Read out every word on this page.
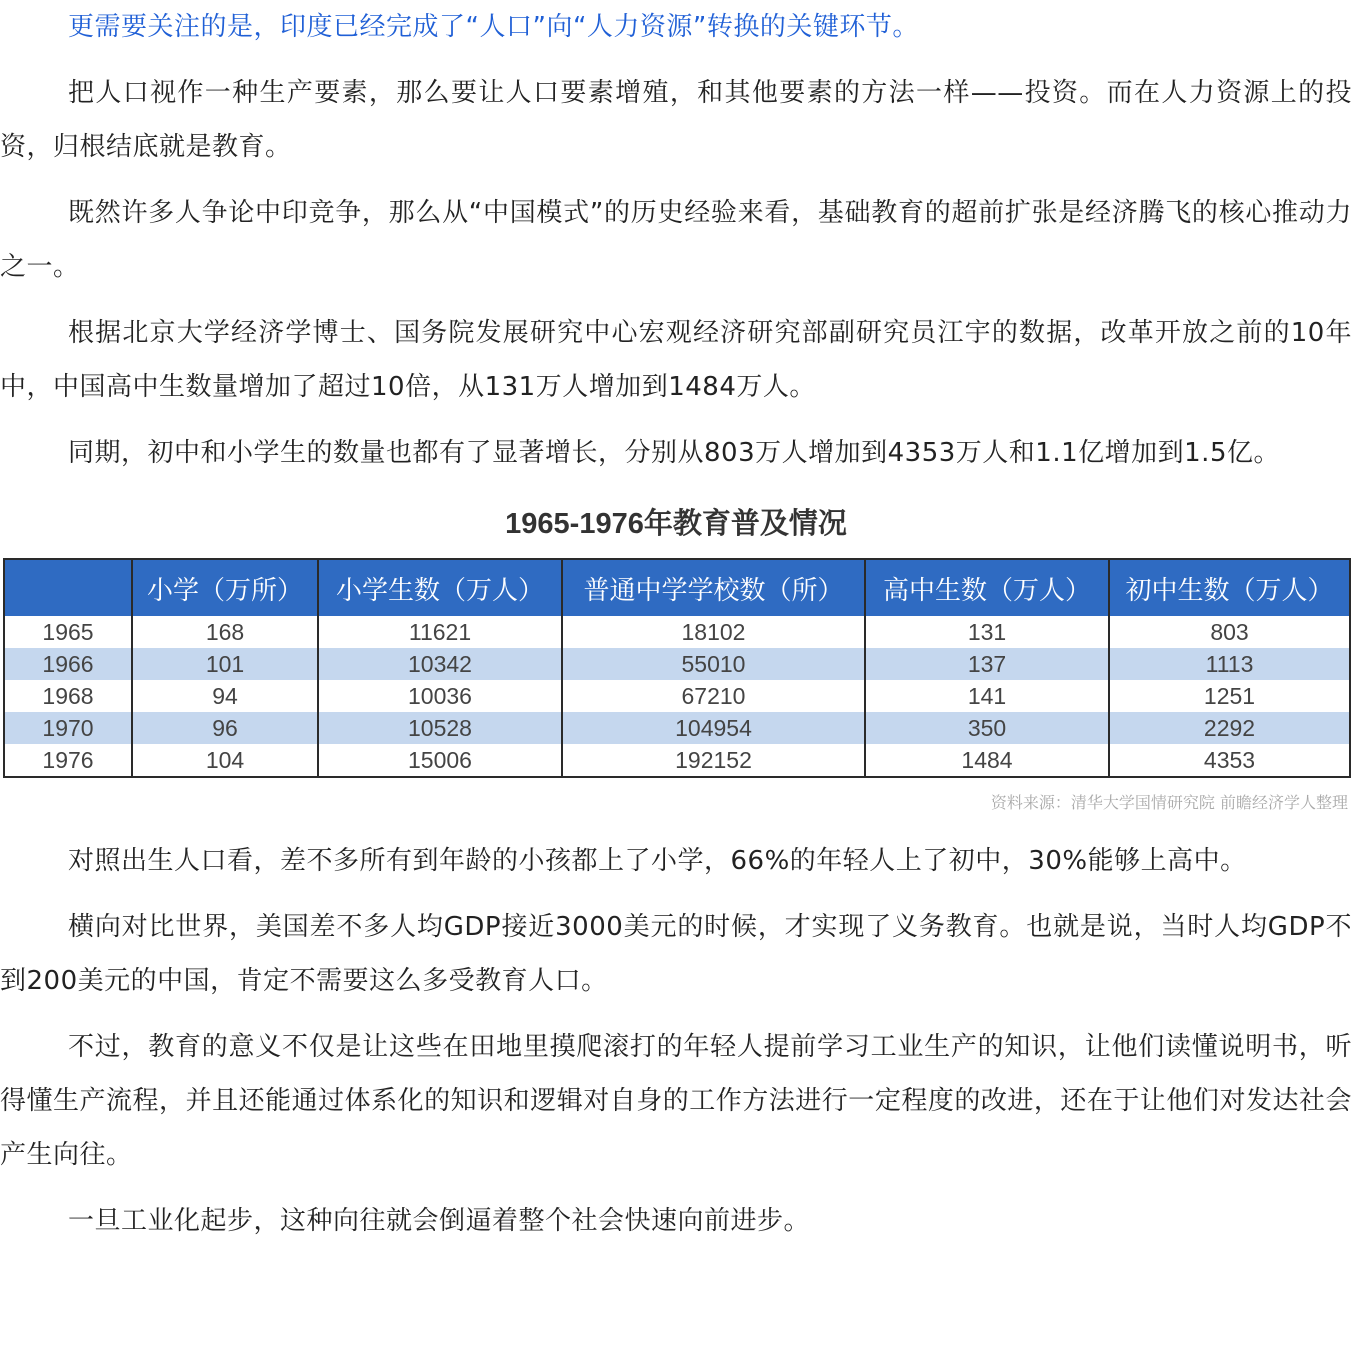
更需要关注的是，印度已经完成了“人口”向“人力资源”转换的关键环节。

把人口视作一种生产要素，那么要让人口要素增殖，和其他要素的方法一样——投资。而在人力资源上的投资，归根结底就是教育。

既然许多人争论中印竞争，那么从“中国模式”的历史经验来看，基础教育的超前扩张是经济腾飞的核心推动力之一。

根据北京大学经济学博士、国务院发展研究中心宏观经济研究部副研究员江宇的数据，改革开放之前的10年中，中国高中生数量增加了超过10倍，从131万人增加到1484万人。

同期，初中和小学生的数量也都有了显著增长，分别从803万人增加到4353万人和1.1亿增加到1.5亿。

1965-1976年教育普及情况
	小学（万所）	小学生数（万人）	普通中学学校数（所）	高中生数（万人）	初中生数（万人）
1965	168	11621	18102	131	803
1966	101	10342	55010	137	1113
1968	94	10036	67210	141	1251
1970	96	10528	104954	350	2292
1976	104	15006	192152	1484	4353
资料来源：清华大学国情研究院 前瞻经济学人整理

对照出生人口看，差不多所有到年龄的小孩都上了小学，66%的年轻人上了初中，30%能够上高中。

横向对比世界，美国差不多人均GDP接近3000美元的时候，才实现了义务教育。也就是说，当时人均GDP不到200美元的中国，肯定不需要这么多受教育人口。

不过，教育的意义不仅是让这些在田地里摸爬滚打的年轻人提前学习工业生产的知识，让他们读懂说明书，听得懂生产流程，并且还能通过体系化的知识和逻辑对自身的工作方法进行一定程度的改进，还在于让他们对发达社会产生向往。

一旦工业化起步，这种向往就会倒逼着整个社会快速向前进步。
